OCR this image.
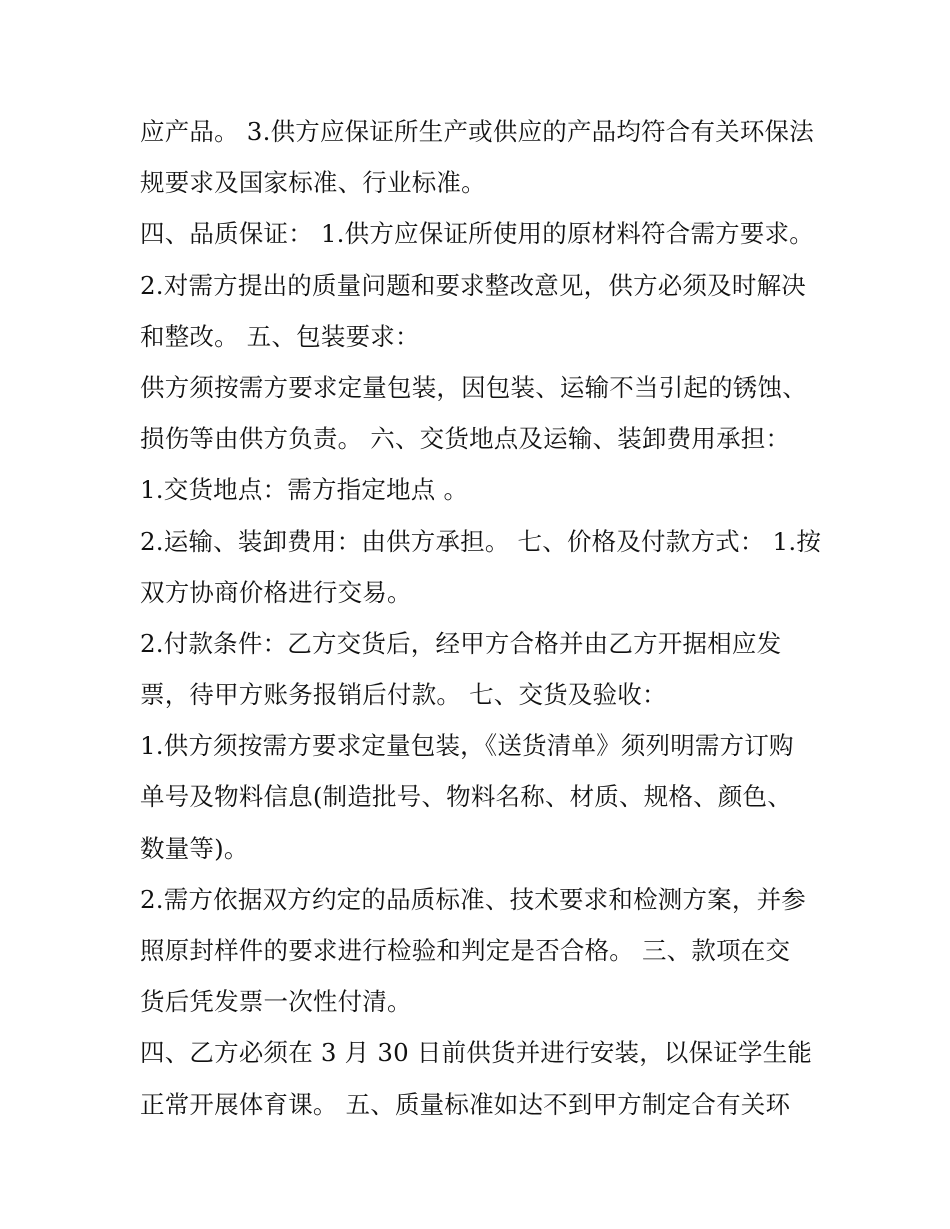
应产品。 3.供方应保证所生产或供应的产品均符合有关环保法
规要求及国家标准、行业标准。
四、品质保证： 1.供方应保证所使用的原材料符合需方要求。
2.对需方提出的质量问题和要求整改意见，供方必须及时解决
和整改。 五、包装要求：
供方须按需方要求定量包装，因包装、运输不当引起的锈蚀、
损伤等由供方负责。 六、交货地点及运输、装卸费用承担：
1.交货地点：需方指定地点 。
2.运输、装卸费用：由供方承担。 七、价格及付款方式： 1.按
双方协商价格进行交易。
2.付款条件：乙方交货后，经甲方合格并由乙方开据相应发
票，待甲方账务报销后付款。 七、交货及验收：
1.供方须按需方要求定量包装，《送货清单》须列明需方订购
单号及物料信息(制造批号、物料名称、材质、规格、颜色、
数量等)。
2.需方依据双方约定的品质标准、技术要求和检测方案，并参
照原封样件的要求进行检验和判定是否合格。 三、款项在交
货后凭发票一次性付清。
四、乙方必须在 3 月 30 日前供货并进行安装，以保证学生能
正常开展体育课。 五、质量标准如达不到甲方制定合有关环
